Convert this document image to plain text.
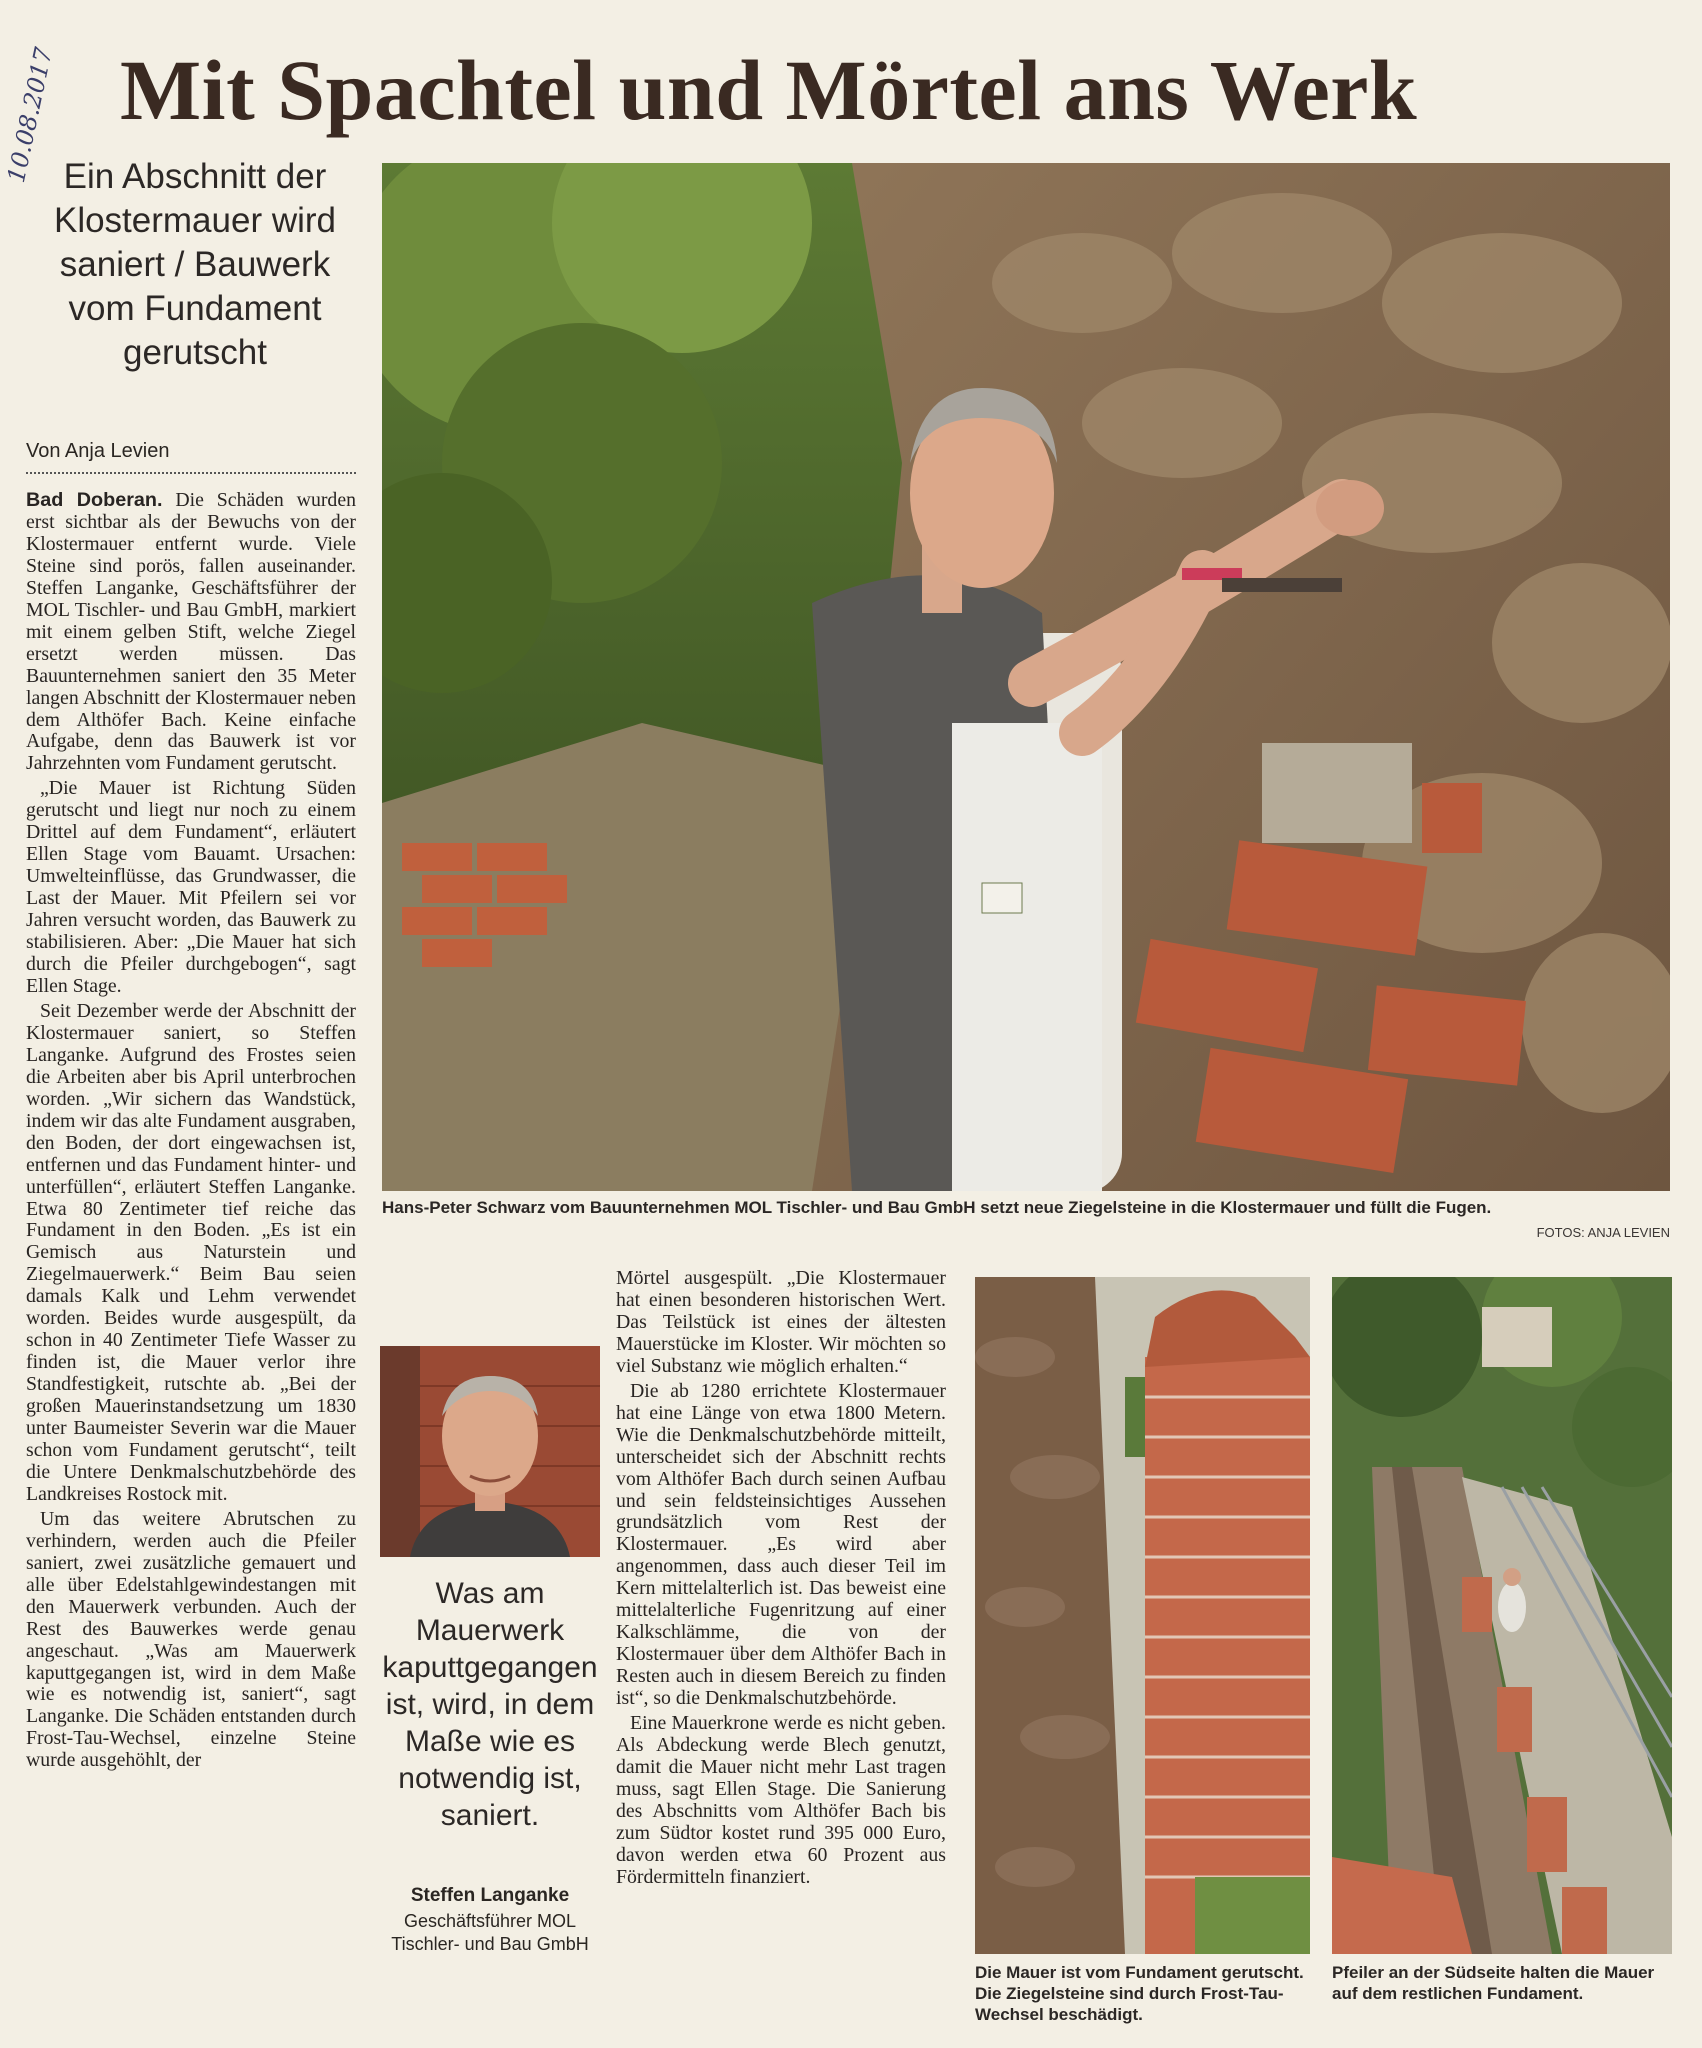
10.08.2017 Mit Spachtel und Mörtel ans Werk
Ein Abschnitt der Klostermauer wird saniert / Bauwerk vom Fundament gerutscht
Von Anja Levien

Bad Doberan. Die Schäden wurden erst sichtbar als der Bewuchs von der Klostermauer entfernt wurde. Viele Steine sind porös, fallen auseinander. Steffen Langanke, Geschäftsführer der MOL Tischler- und Bau GmbH, markiert mit einem gelben Stift, welche Ziegel ersetzt werden müssen. Das Bauunternehmen saniert den 35 Meter langen Abschnitt der Klostermauer neben dem Althöfer Bach. Keine einfache Aufgabe, denn das Bauwerk ist vor Jahrzehnten vom Fundament gerutscht.

„Die Mauer ist Richtung Süden gerutscht und liegt nur noch zu einem Drittel auf dem Fundament“, erläutert Ellen Stage vom Bauamt. Ursachen: Umwelteinflüsse, das Grundwasser, die Last der Mauer. Mit Pfeilern sei vor Jahren versucht worden, das Bauwerk zu stabilisieren. Aber: „Die Mauer hat sich durch die Pfeiler durchgebogen“, sagt Ellen Stage.

Seit Dezember werde der Abschnitt der Klostermauer saniert, so Steffen Langanke. Aufgrund des Frostes seien die Arbeiten aber bis April unterbrochen worden. „Wir sichern das Wandstück, indem wir das alte Fundament ausgraben, den Boden, der dort eingewachsen ist, entfernen und das Fundament hinter- und unterfüllen“, erläutert Steffen Langanke. Etwa 80 Zentimeter tief reiche das Fundament in den Boden. „Es ist ein Gemisch aus Naturstein und Ziegelmauerwerk.“ Beim Bau seien damals Kalk und Lehm verwendet worden. Beides wurde ausgespült, da schon in 40 Zentimeter Tiefe Wasser zu finden ist, die Mauer verlor ihre Standfestigkeit, rutschte ab. „Bei der großen Mauerinstandsetzung um 1830 unter Baumeister Severin war die Mauer schon vom Fundament gerutscht“, teilt die Untere Denkmalschutzbehörde des Landkreises Rostock mit.

Um das weitere Abrutschen zu verhindern, werden auch die Pfeiler saniert, zwei zusätzliche gemauert und alle über Edelstahlgewindestangen mit den Mauerwerk verbunden. Auch der Rest des Bauwerkes werde genau angeschaut. „Was am Mauerwerk kaputtgegangen ist, wird in dem Maße wie es notwendig ist, saniert“, sagt Langanke. Die Schäden entstanden durch Frost-Tau-Wechsel, einzelne Steine wurde ausgehöhlt, der

Hans-Peter Schwarz vom Bauunternehmen MOL Tischler- und Bau GmbH setzt neue Ziegelsteine in die Klostermauer und füllt die Fugen.
FOTOS: ANJA LEVIEN
Was am Mauerwerk kaputtgegangen ist, wird, in dem Maße wie es notwendig ist, saniert.
Steffen Langanke
Geschäftsführer MOL Tischler- und Bau GmbH

Mörtel ausgespült. „Die Klostermauer hat einen besonderen historischen Wert. Das Teilstück ist eines der ältesten Mauerstücke im Kloster. Wir möchten so viel Substanz wie möglich erhalten.“

Die ab 1280 errichtete Klostermauer hat eine Länge von etwa 1800 Metern. Wie die Denkmalschutzbehörde mitteilt, unterscheidet sich der Abschnitt rechts vom Althöfer Bach durch seinen Aufbau und sein feldsteinsichtiges Aussehen grundsätzlich vom Rest der Klostermauer. „Es wird aber angenommen, dass auch dieser Teil im Kern mittelalterlich ist. Das beweist eine mittelalterliche Fugenritzung auf einer Kalkschlämme, die von der Klostermauer über dem Althöfer Bach in Resten auch in diesem Bereich zu finden ist“, so die Denkmalschutzbehörde.

Eine Mauerkrone werde es nicht geben. Als Abdeckung werde Blech genutzt, damit die Mauer nicht mehr Last tragen muss, sagt Ellen Stage. Die Sanierung des Abschnitts vom Althöfer Bach bis zum Südtor kostet rund 395 000 Euro, davon werden etwa 60 Prozent aus Fördermitteln finanziert.

Die Mauer ist vom Fundament gerutscht. Die Ziegelsteine sind durch Frost-Tau-Wechsel beschädigt.
Pfeiler an der Südseite halten die Mauer auf dem restlichen Fundament.
